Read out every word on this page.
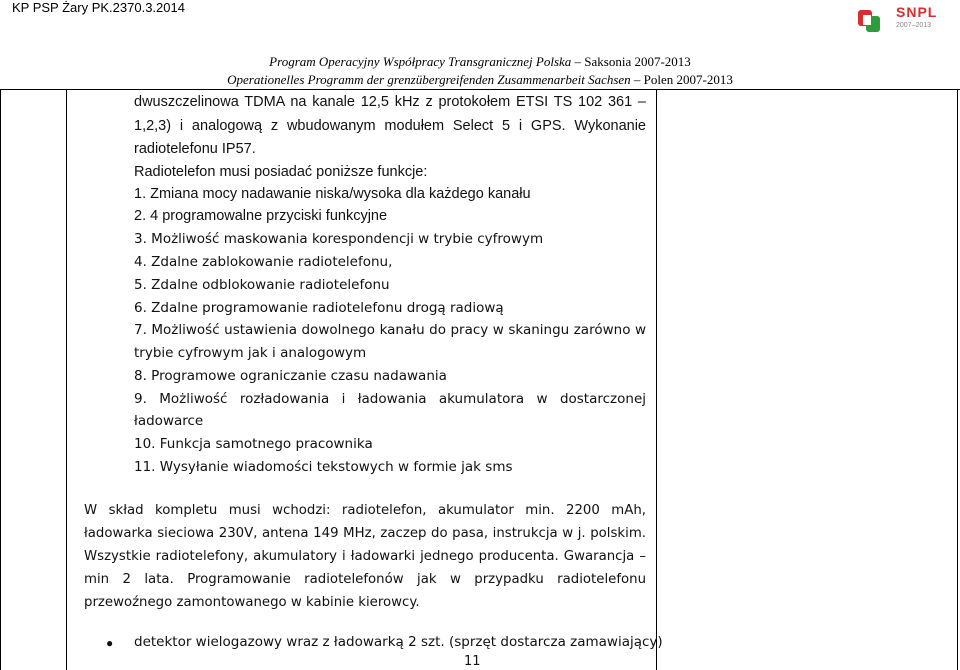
KP PSP Żary PK.2370.3.2014	SNPL
2007–2013
Program Operacyjny Współpracy Transgranicznej Polska – Saksonia 2007-2013
Operationelles Programm der grenzübergreifenden Zusammenarbeit Sachsen – Polen 2007-2013
dwuszczelinowa TDMA na kanale 12,5 kHz z protokołem ETSI TS 102 361 –
1,2,3) i analogową z wbudowanym modułem Select 5 i GPS. Wykonanie
radiotelefonu IP57.
Radiotelefon musi posiadać poniższe funkcje:
1. Zmiana mocy nadawanie niska/wysoka dla każdego kanału
2. 4 programowalne przyciski funkcyjne
3. Możliwość maskowania korespondencji w trybie cyfrowym
4. Zdalne zablokowanie radiotelefonu,
5. Zdalne odblokowanie radiotelefonu
6. Zdalne programowanie radiotelefonu drogą radiową
7. Możliwość ustawienia dowolnego kanału do pracy w skaningu zarówno w
trybie cyfrowym jak i analogowym
8. Programowe ograniczanie czasu nadawania
9. Możliwość rozładowania i ładowania akumulatora w dostarczonej
ładowarce
10. Funkcja samotnego pracownika
11. Wysyłanie wiadomości tekstowych w formie jak sms
W skład kompletu musi wchodzi: radiotelefon, akumulator min. 2200 mAh,
ładowarka sieciowa 230V, antena 149 MHz, zaczep do pasa, instrukcja w j. polskim.
Wszystkie radiotelefony, akumulatory i ładowarki jednego producenta. Gwarancja –
min 2 lata. Programowanie radiotelefonów jak w przypadku radiotelefonu
przewoźnego zamontowanego w kabinie kierowcy.
● detektor wielogazowy wraz z ładowarką 2 szt. (sprzęt dostarcza zamawiający)
11
